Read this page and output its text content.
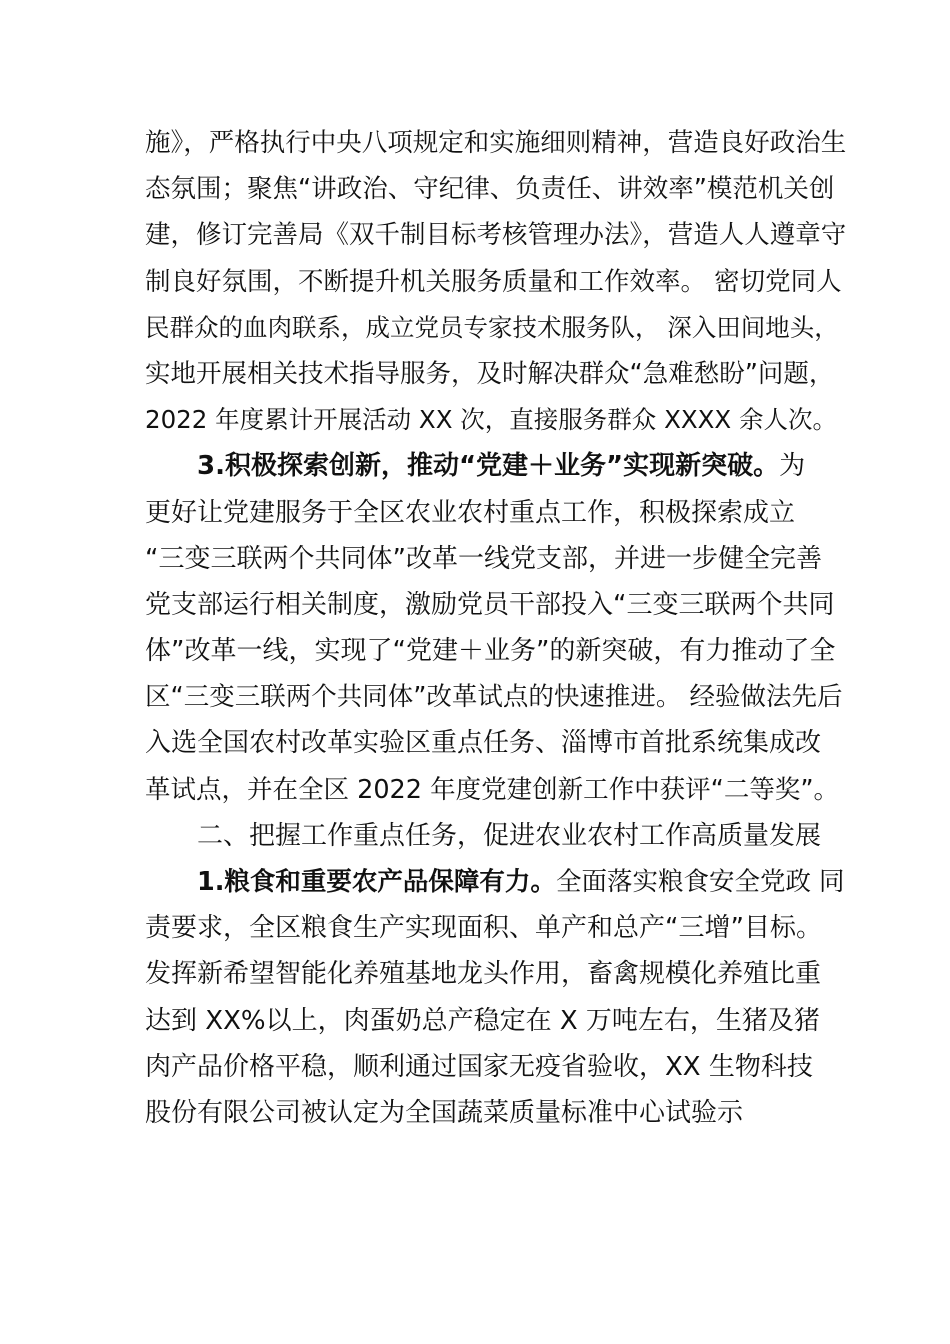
施》，严格执行中央八项规定和实施细则精神，营造良好政治生
态氛围；聚焦“讲政治、守纪律、负责任、讲效率”模范机关创
建，修订完善局《双千制目标考核管理办法》，营造人人遵章守
制良好氛围，不断提升机关服务质量和工作效率。 密切党同人
民群众的血肉联系，成立党员专家技术服务队， 深入田间地头，
实地开展相关技术指导服务，及时解决群众“急难愁盼”问题，
2022 年度累计开展活动 XX 次，直接服务群众 XXXX 余人次。
3.积极探索创新，推动“党建＋业务”实现新突破。为
更好让党建服务于全区农业农村重点工作，积极探索成立
“三变三联两个共同体”改革一线党支部，并进一步健全完善
党支部运行相关制度，激励党员干部投入“三变三联两个共同
体”改革一线，实现了“党建＋业务”的新突破，有力推动了全
区“三变三联两个共同体”改革试点的快速推进。 经验做法先后
入选全国农村改革实验区重点任务、淄博市首批系统集成改
革试点，并在全区 2022 年度党建创新工作中获评“二等奖”。
二、把握工作重点任务，促进农业农村工作高质量发展
1.粮食和重要农产品保障有力。全面落实粮食安全党政 同
责要求，全区粮食生产实现面积、单产和总产“三增”目标。
发挥新希望智能化养殖基地龙头作用，畜禽规模化养殖比重
达到 XX%以上，肉蛋奶总产稳定在 X 万吨左右，生猪及猪
肉产品价格平稳，顺利通过国家无疫省验收，XX 生物科技
股份有限公司被认定为全国蔬菜质量标准中心试验示
